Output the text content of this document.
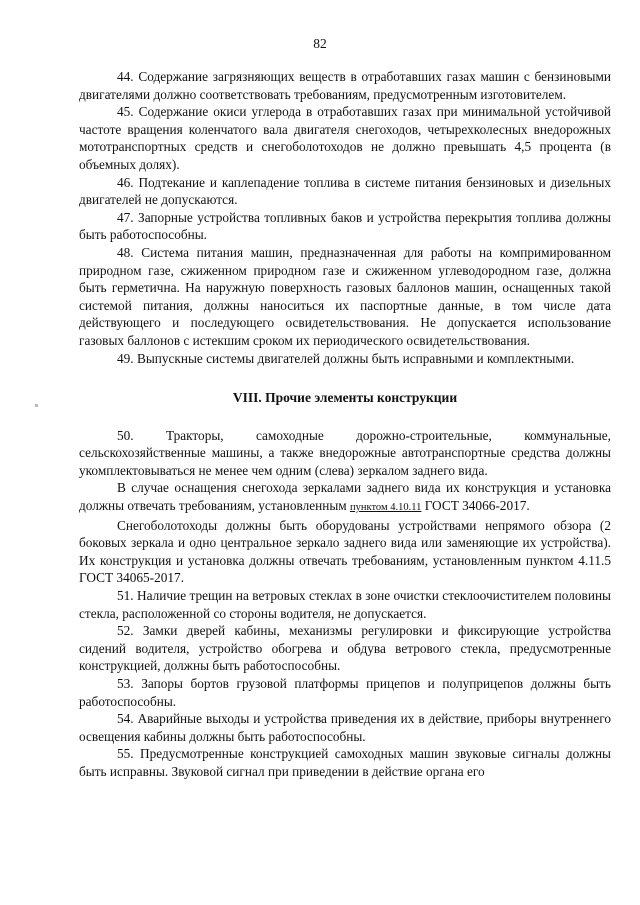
82

44. Содержание загрязняющих веществ в отработавших газах машин с бензиновыми двигателями должно соответствовать требованиям, предусмотренным изготовителем.

45. Содержание окиси углерода в отработавших газах при минимальной устойчивой частоте вращения коленчатого вала двигателя снегоходов, четырехколесных внедорожных мототранспортных средств и снегоболотоходов не должно превышать 4,5 процента (в объемных долях).

46. Подтекание и каплепадение топлива в системе питания бензиновых и дизельных двигателей не допускаются.

47. Запорные устройства топливных баков и устройства перекрытия топлива должны быть работоспособны.

48. Система питания машин, предназначенная для работы на компримированном природном газе, сжиженном природном газе и сжиженном углеводородном газе, должна быть герметична. На наружную поверхность газовых баллонов машин, оснащенных такой системой питания, должны наноситься их паспортные данные, в том числе дата действующего и последующего освидетельствования. Не допускается использование газовых баллонов с истекшим сроком их периодического освидетельствования.

49. Выпускные системы двигателей должны быть исправными и комплектными.

VIII. Прочие элементы конструкции

50. Тракторы, самоходные дорожно-строительные, коммунальные, сельскохозяйственные машины, а также внедорожные автотранспортные средства должны укомплектовываться не менее чем одним (слева) зеркалом заднего вида.

В случае оснащения снегохода зеркалами заднего вида их конструкция и установка должны отвечать требованиям, установленным пунктом 4.10.11 ГОСТ 34066-2017.

Снегоболотоходы должны быть оборудованы устройствами непрямого обзора (2 боковых зеркала и одно центральное зеркало заднего вида или заменяющие их устройства). Их конструкция и установка должны отвечать требованиям, установленным пунктом 4.11.5 ГОСТ 34065-2017.

51. Наличие трещин на ветровых стеклах в зоне очистки стеклоочистителем половины стекла, расположенной со стороны водителя, не допускается.

52. Замки дверей кабины, механизмы регулировки и фиксирующие устройства сидений водителя, устройство обогрева и обдува ветрового стекла, предусмотренные конструкцией, должны быть работоспособны.

53. Запоры бортов грузовой платформы прицепов и полуприцепов должны быть работоспособны.

54. Аварийные выходы и устройства приведения их в действие, приборы внутреннего освещения кабины должны быть работоспособны.

55. Предусмотренные конструкцией самоходных машин звуковые сигналы должны быть исправны. Звуковой сигнал при приведении в действие органа его
